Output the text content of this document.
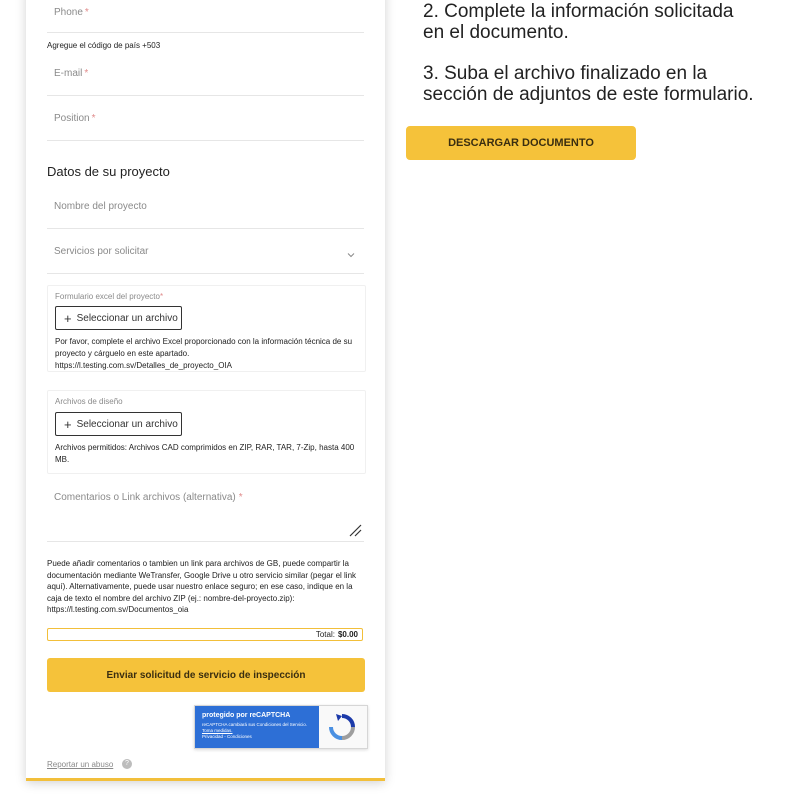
Phone *
Agregue el código de país +503
E-mail *
Position *
Datos de su proyecto
Nombre del proyecto
Servicios por solicitar
Formulario excel del proyecto*
+ Seleccionar un archivo
Por favor, complete el archivo Excel proporcionado con la información técnica de su proyecto y cárguelo en este apartado. https://l.testing.com.sv/Detalles_de_proyecto_OIA
Archivos de diseño
+ Seleccionar un archivo
Archivos permitidos: Archivos CAD comprimidos en ZIP, RAR, TAR, 7-Zip, hasta 400 MB.
Comentarios o Link archivos (alternativa) *
Puede añadir comentarios o tambien un link para archivos de GB, puede compartir la documentación mediante WeTransfer, Google Drive u otro servicio similar (pegar el link aquí). Alternativamente, puede usar nuestro enlace seguro; en ese caso, indique en la caja de texto el nombre del archivo ZIP (ej.: nombre-del-proyecto.zip): https://l.testing.com.sv/Documentos_oia
Total: $0.00
Enviar solicitud de servicio de inspección
protegido por reCAPTCHA
reCAPTCHA cambiará sus Condiciones del Servicio. Toma medidas.
Privacidad - Condiciones
Reportar un abuso	?
2. Complete la información solicitada
en el documento.
3. Suba el archivo finalizado en la
sección de adjuntos de este formulario.
DESCARGAR DOCUMENTO
